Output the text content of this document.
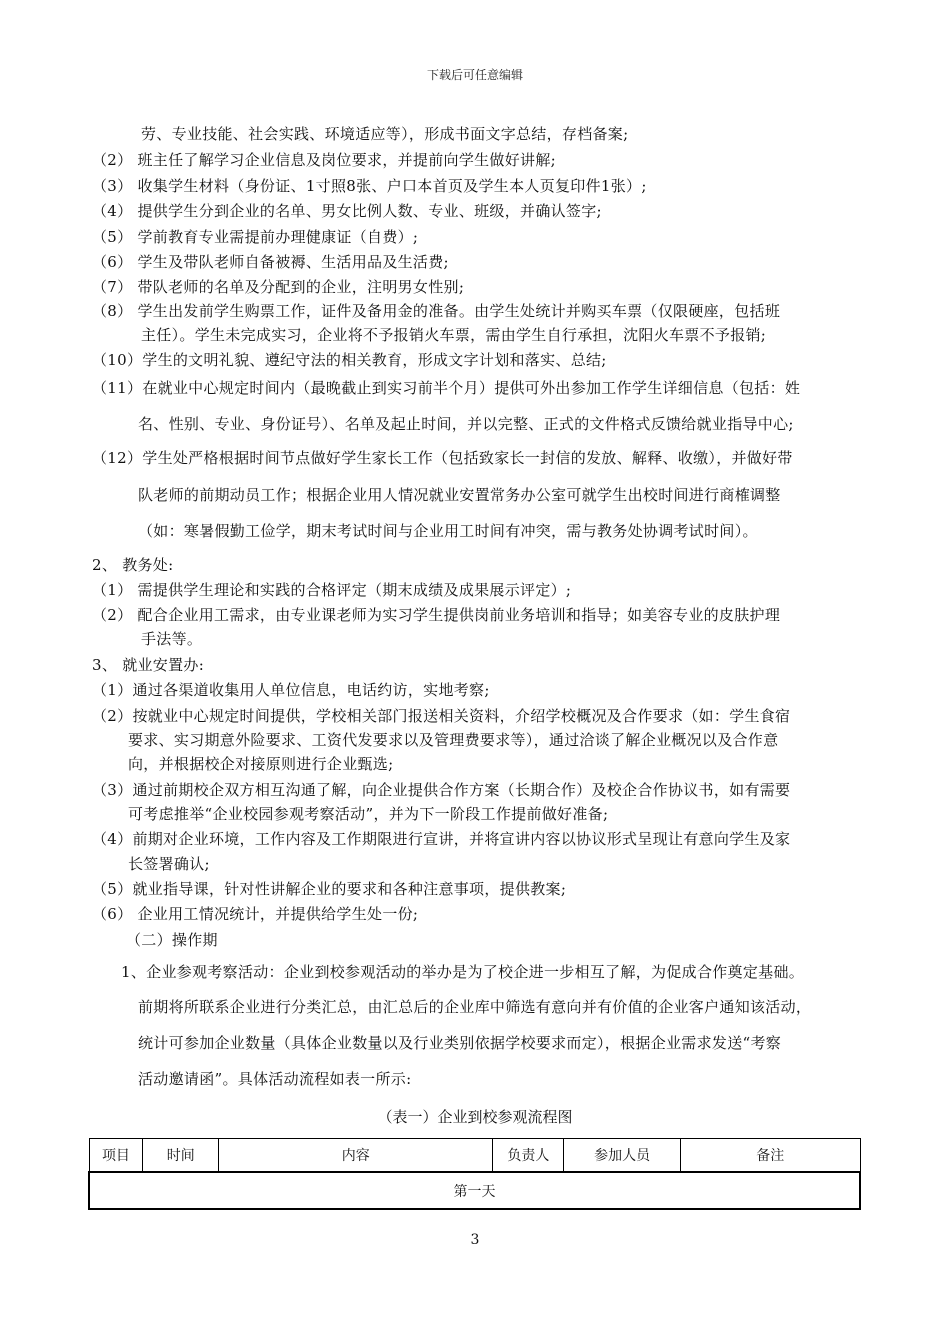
下载后可任意编辑
劳、专业技能、社会实践、环境适应等），形成书面文字总结，存档备案;
（2） 班主任了解学习企业信息及岗位要求，并提前向学生做好讲解;
（3） 收集学生材料（身份证、1寸照8张、户口本首页及学生本人页复印件1张）;
（4） 提供学生分到企业的名单、男女比例人数、专业、班级，并确认签字;
（5） 学前教育专业需提前办理健康证（自费）;
（6） 学生及带队老师自备被褥、生活用品及生活费;
（7） 带队老师的名单及分配到的企业，注明男女性别;
（8） 学生出发前学生购票工作，证件及备用金的准备。由学生处统计并购买车票（仅限硬座，包括班
主任）。学生未完成实习，企业将不予报销火车票，需由学生自行承担，沈阳火车票不予报销;
（10）学生的文明礼貌、遵纪守法的相关教育，形成文字计划和落实、总结;
（11）在就业中心规定时间内（最晚截止到实习前半个月）提供可外出参加工作学生详细信息（包括：姓
名、性别、专业、身份证号）、名单及起止时间，并以完整、正式的文件格式反馈给就业指导中心;
（12）学生处严格根据时间节点做好学生家长工作（包括致家长一封信的发放、解释、收缴），并做好带
队老师的前期动员工作；根据企业用人情况就业安置常务办公室可就学生出校时间进行商榷调整
（如：寒暑假勤工俭学，期末考试时间与企业用工时间有冲突，需与教务处协调考试时间）。
2、 教务处:
（1） 需提供学生理论和实践的合格评定（期末成绩及成果展示评定）;
（2） 配合企业用工需求，由专业课老师为实习学生提供岗前业务培训和指导；如美容专业的皮肤护理
手法等。
3、 就业安置办:
（1）通过各渠道收集用人单位信息，电话约访，实地考察;
（2）按就业中心规定时间提供，学校相关部门报送相关资料，介绍学校概况及合作要求（如：学生食宿
要求、实习期意外险要求、工资代发要求以及管理费要求等），通过洽谈了解企业概况以及合作意
向，并根据校企对接原则进行企业甄选;
（3）通过前期校企双方相互沟通了解，向企业提供合作方案（长期合作）及校企合作协议书，如有需要
可考虑推举“企业校园参观考察活动”，并为下一阶段工作提前做好准备;
（4）前期对企业环境，工作内容及工作期限进行宣讲，并将宣讲内容以协议形式呈现让有意向学生及家
长签署确认;
（5）就业指导课，针对性讲解企业的要求和各种注意事项，提供教案;
（6） 企业用工情况统计，并提供给学生处一份;
（二）操作期
1、企业参观考察活动：企业到校参观活动的举办是为了校企进一步相互了解，为促成合作奠定基础。
前期将所联系企业进行分类汇总，由汇总后的企业库中筛选有意向并有价值的企业客户通知该活动，
统计可参加企业数量（具体企业数量以及行业类别依据学校要求而定），根据企业需求发送“考察
活动邀请函”。具体活动流程如表一所示:
（表一）企业到校参观流程图
项目	时间	内容	负责人	参加人员	备注
第一天
3
